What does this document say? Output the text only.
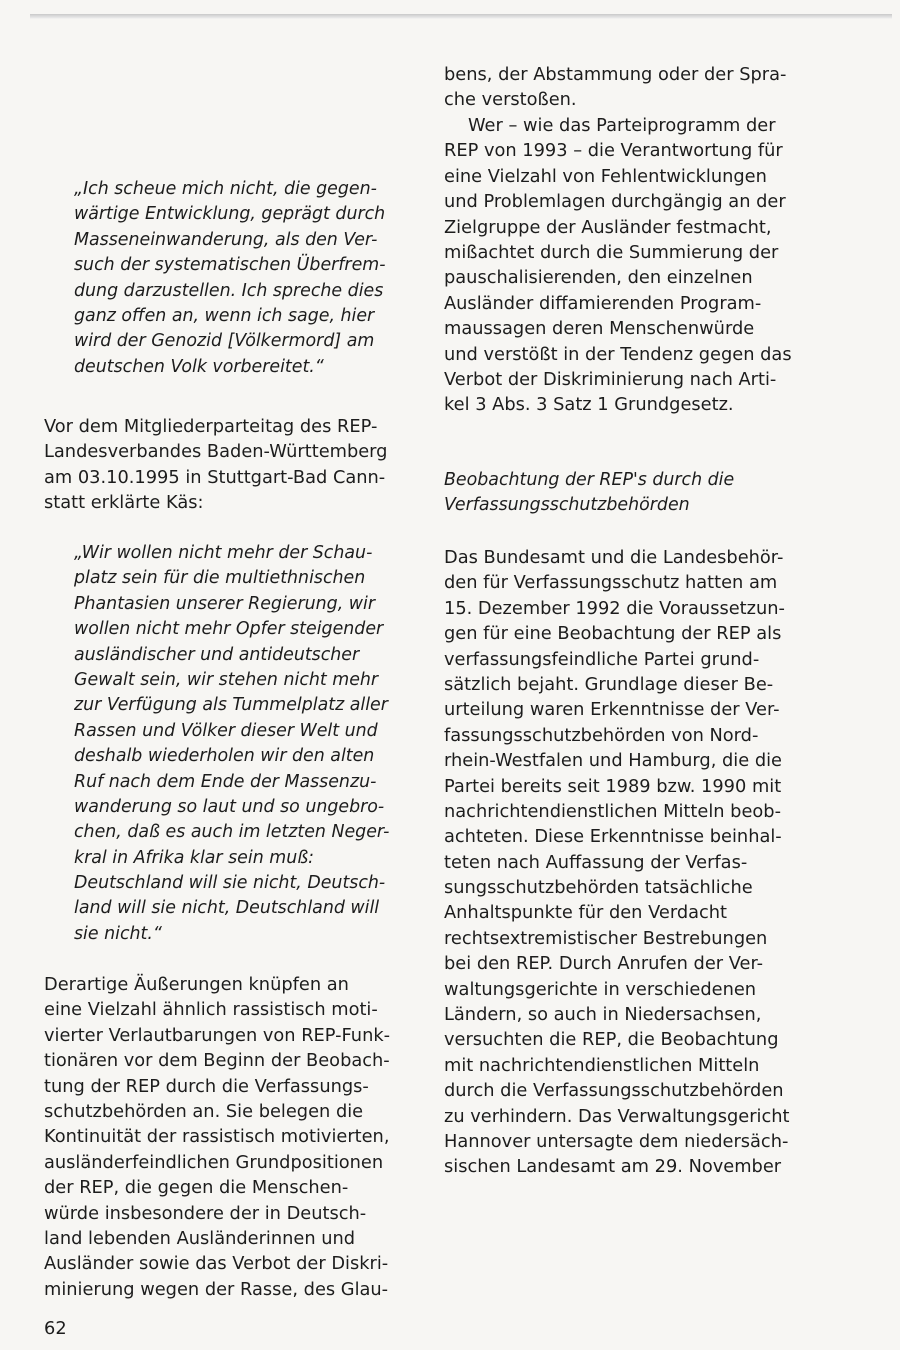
„Ich scheue mich nicht, die gegen-
wärtige Entwicklung, geprägt durch
Masseneinwanderung, als den Ver-
such der systematischen Überfrem-
dung darzustellen. Ich spreche dies
ganz offen an, wenn ich sage, hier
wird der Genozid [Völkermord] am
deutschen Volk vorbereitet.“
Vor dem Mitgliederparteitag des REP-
Landesverbandes Baden-Württemberg
am 03.10.1995 in Stuttgart-Bad Cann-
statt erklärte Käs:
„Wir wollen nicht mehr der Schau-
platz sein für die multiethnischen
Phantasien unserer Regierung, wir
wollen nicht mehr Opfer steigender
ausländischer und antideutscher
Gewalt sein, wir stehen nicht mehr
zur Verfügung als Tummelplatz aller
Rassen und Völker dieser Welt und
deshalb wiederholen wir den alten
Ruf nach dem Ende der Massenzu-
wanderung so laut und so ungebro-
chen, daß es auch im letzten Neger-
kral in Afrika klar sein muß:
Deutschland will sie nicht, Deutsch-
land will sie nicht, Deutschland will
sie nicht.“
Derartige Äußerungen knüpfen an
eine Vielzahl ähnlich rassistisch moti-
vierter Verlautbarungen von REP-Funk-
tionären vor dem Beginn der Beobach-
tung der REP durch die Verfassungs-
schutzbehörden an. Sie belegen die
Kontinuität der rassistisch motivierten,
ausländerfeindlichen Grundpositionen
der REP, die gegen die Menschen-
würde insbesondere der in Deutsch-
land lebenden Ausländerinnen und
Ausländer sowie das Verbot der Diskri-
minierung wegen der Rasse, des Glau-
bens, der Abstammung oder der Spra-
che verstoßen.
Wer – wie das Parteiprogramm der
REP von 1993 – die Verantwortung für
eine Vielzahl von Fehlentwicklungen
und Problemlagen durchgängig an der
Zielgruppe der Ausländer festmacht,
mißachtet durch die Summierung der
pauschalisierenden, den einzelnen
Ausländer diffamierenden Program-
maussagen deren Menschenwürde
und verstößt in der Tendenz gegen das
Verbot der Diskriminierung nach Arti-
kel 3 Abs. 3 Satz 1 Grundgesetz.
Beobachtung der REP's durch die
Verfassungsschutzbehörden
Das Bundesamt und die Landesbehör-
den für Verfassungsschutz hatten am
15. Dezember 1992 die Voraussetzun-
gen für eine Beobachtung der REP als
verfassungsfeindliche Partei grund-
sätzlich bejaht. Grundlage dieser Be-
urteilung waren Erkenntnisse der Ver-
fassungsschutzbehörden von Nord-
rhein-Westfalen und Hamburg, die die
Partei bereits seit 1989 bzw. 1990 mit
nachrichtendienstlichen Mitteln beob-
achteten. Diese Erkenntnisse beinhal-
teten nach Auffassung der Verfas-
sungsschutzbehörden tatsächliche
Anhaltspunkte für den Verdacht
rechtsextremistischer Bestrebungen
bei den REP. Durch Anrufen der Ver-
waltungsgerichte in verschiedenen
Ländern, so auch in Niedersachsen,
versuchten die REP, die Beobachtung
mit nachrichtendienstlichen Mitteln
durch die Verfassungsschutzbehörden
zu verhindern. Das Verwaltungsgericht
Hannover untersagte dem niedersäch-
sischen Landesamt am 29. November
62
